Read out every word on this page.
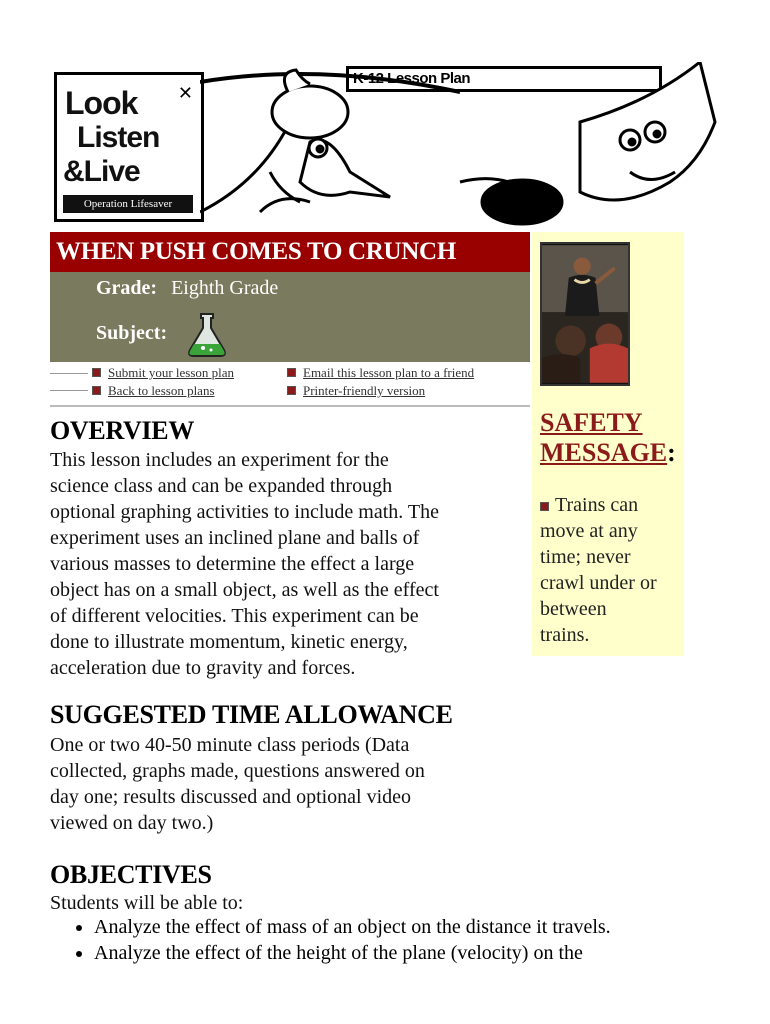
Look
Listen
&Live
✕
Operation Lifesaver
K-12 Lesson Plan
WHEN PUSH COMES TO CRUNCH
Grade: Eighth Grade
Subject:
Submit your lesson plan
Back to lesson plans
Email this lesson plan to a friend
Printer-friendly version
SAFETY
MESSAGE:
Trains can
move at any
time; never
crawl under or
between
trains.
OVERVIEW
This lesson includes an experiment for the
science class and can be expanded through
optional graphing activities to include math. The
experiment uses an inclined plane and balls of
various masses to determine the effect a large
object has on a small object, as well as the effect
of different velocities. This experiment can be
done to illustrate momentum, kinetic energy,
acceleration due to gravity and forces.
SUGGESTED TIME ALLOWANCE
One or two 40-50 minute class periods (Data
collected, graphs made, questions answered on
day one; results discussed and optional video
viewed on day two.)
OBJECTIVES
Students will be able to:
• Analyze the effect of mass of an object on the distance it travels.
• Analyze the effect of the height of the plane (velocity) on the
